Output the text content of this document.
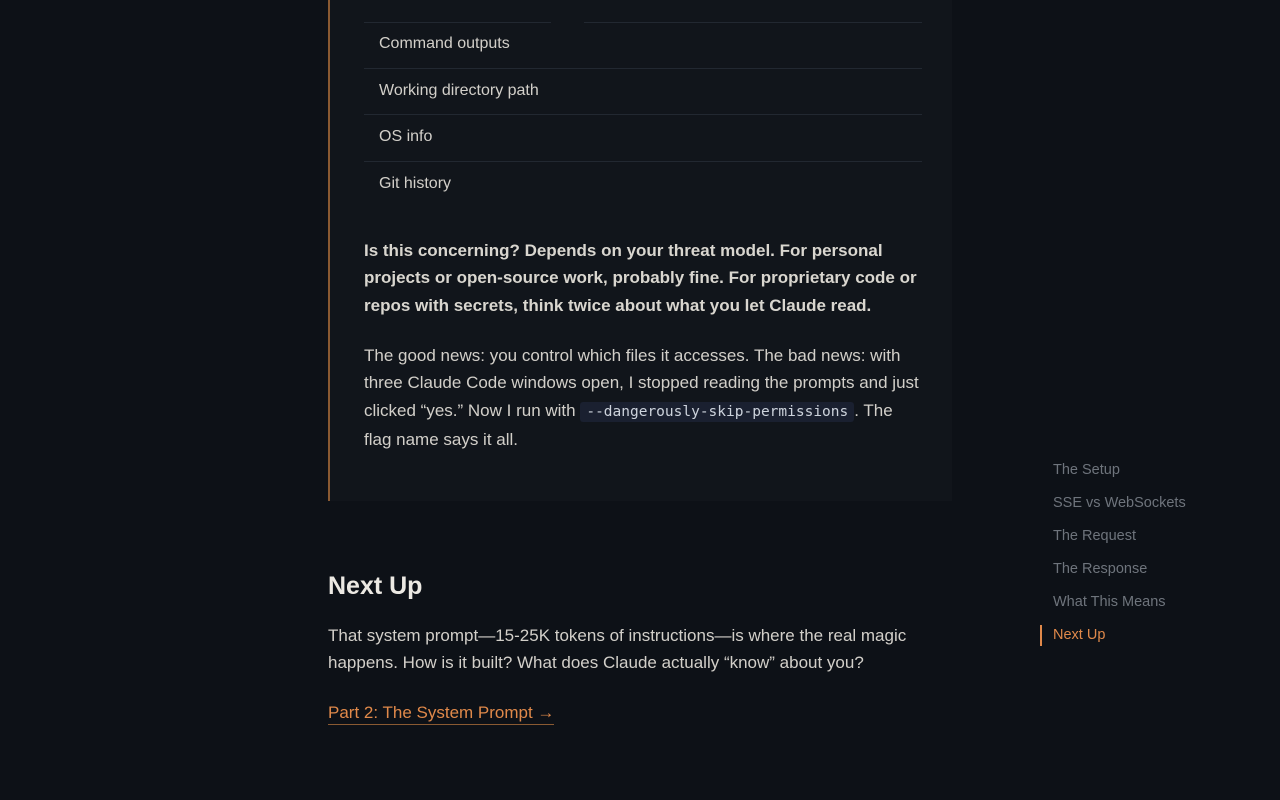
Command outputs
Working directory path
OS info
Git history

Is this concerning? Depends on your threat model. For personal projects or open-source work, probably fine. For proprietary code or repos with secrets, think twice about what you let Claude read.

The good news: you control which files it accesses. The bad news: with three Claude Code windows open, I stopped reading the prompts and just clicked “yes.” Now I run with --dangerously-skip-permissions . The flag name says it all.

Next Up

That system prompt—15-25K tokens of instructions—is where the real magic happens. How is it built? What does Claude actually “know” about you?

Part 2: The System Prompt →
The Setup
SSE vs WebSockets
The Request
The Response
What This Means
Next Up
